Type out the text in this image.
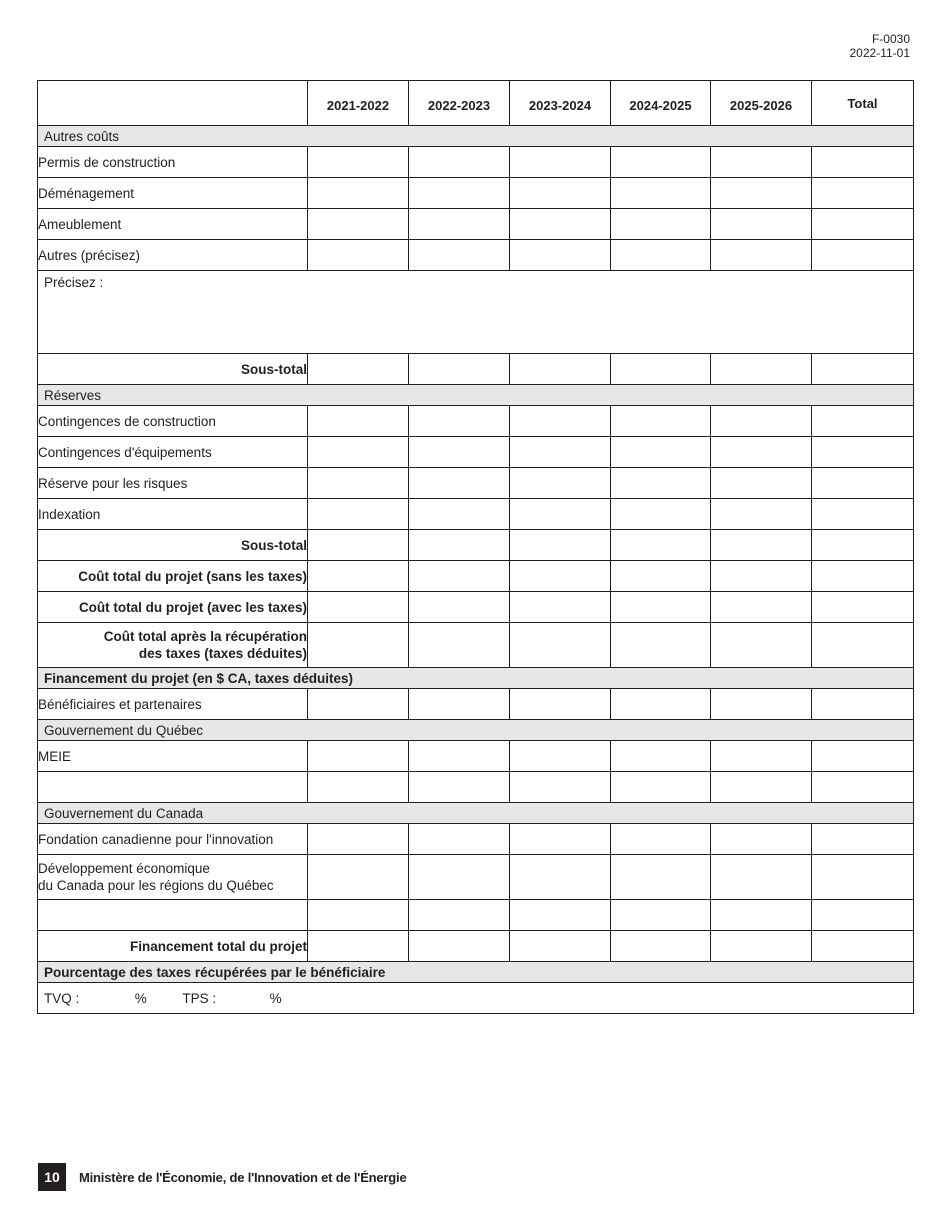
F-0030
2022-11-01
	2021-2022	2022-2023	2023-2024	2024-2025	2025-2026	Total
Autres coûts						
Permis de construction						
Déménagement						
Ameublement						
Autres (précisez)						
Précisez :						
Sous-total						
Réserves						
Contingences de construction						
Contingences d'équipements						
Réserve pour les risques						
Indexation						
Sous-total						
Coût total du projet (sans les taxes)						
Coût total du projet (avec les taxes)						
Coût total après la récupération
des taxes (taxes déduites)						
Financement du projet (en $ CA, taxes déduites)						
Bénéficiaires et partenaires						
Gouvernement du Québec						
MEIE						

Gouvernement du Canada						
Fondation canadienne pour l'innovation						
Développement économique
du Canada pour les régions du Québec						

Financement total du projet						
Pourcentage des taxes récupérées par le bénéficiaire						
TVQ : % TPS : %						
10	Ministère de l'Économie, de l'Innovation et de l'Énergie
